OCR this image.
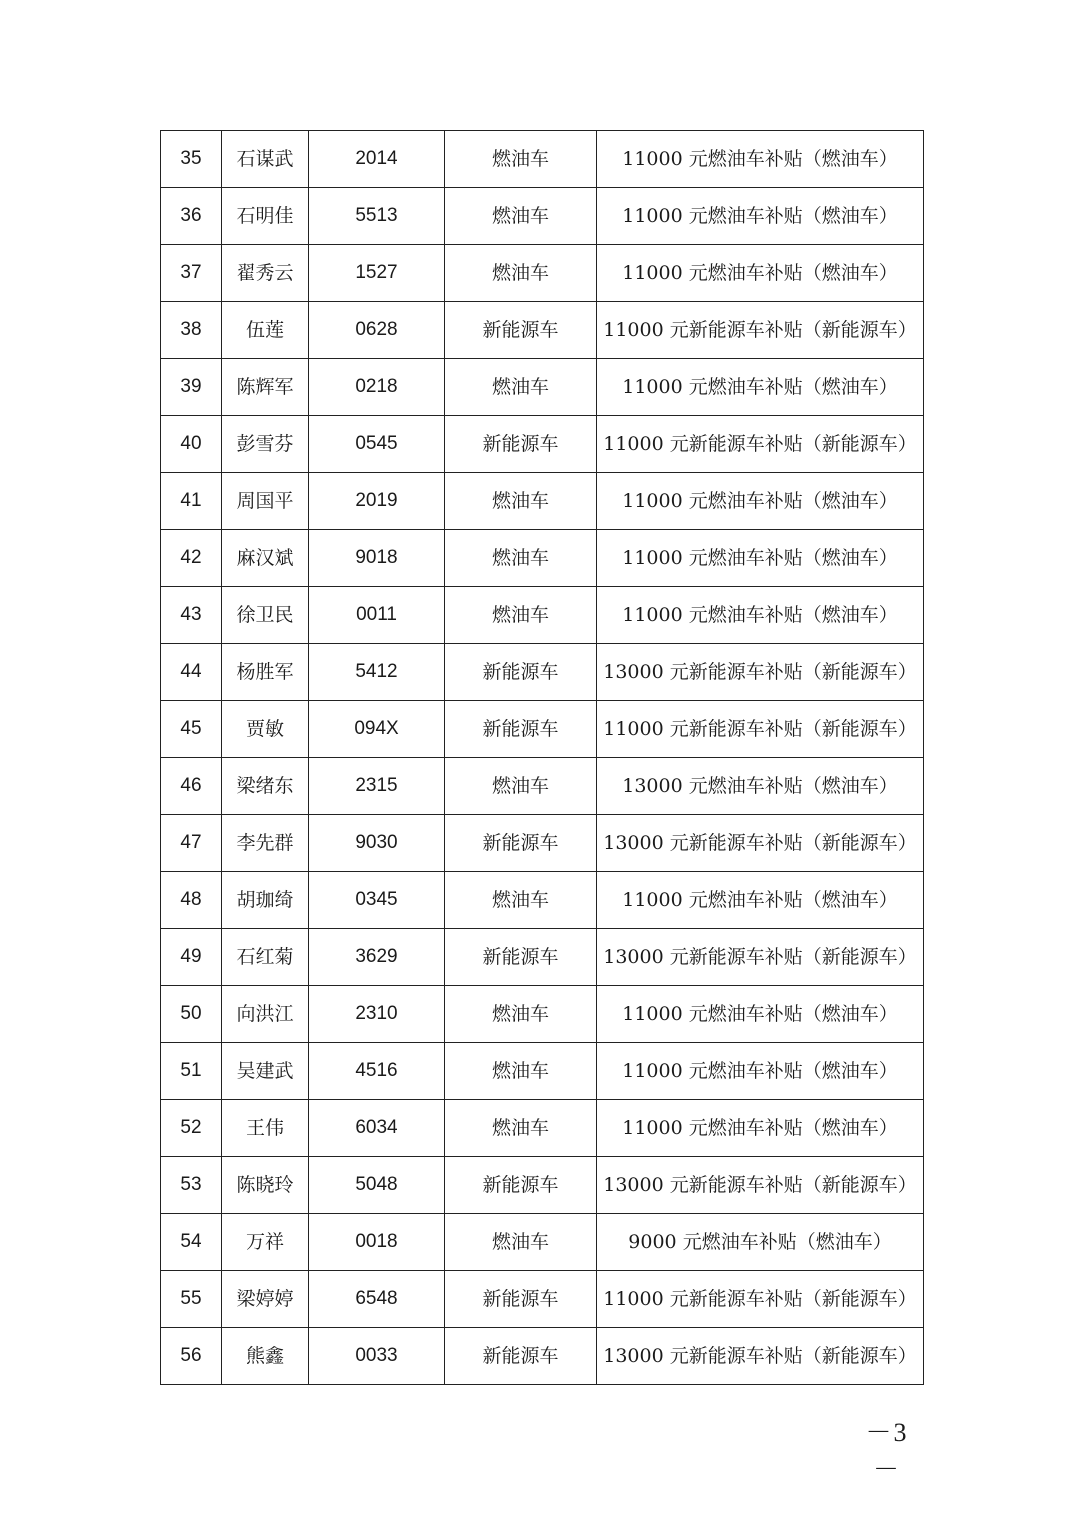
35	石谋武	2014	燃油车	11000 元燃油车补贴（燃油车）
36	石明佳	5513	燃油车	11000 元燃油车补贴（燃油车）
37	翟秀云	1527	燃油车	11000 元燃油车补贴（燃油车）
38	伍莲	0628	新能源车	11000 元新能源车补贴（新能源车）
39	陈辉军	0218	燃油车	11000 元燃油车补贴（燃油车）
40	彭雪芬	0545	新能源车	11000 元新能源车补贴（新能源车）
41	周国平	2019	燃油车	11000 元燃油车补贴（燃油车）
42	麻汉斌	9018	燃油车	11000 元燃油车补贴（燃油车）
43	徐卫民	0011	燃油车	11000 元燃油车补贴（燃油车）
44	杨胜军	5412	新能源车	13000 元新能源车补贴（新能源车）
45	贾敏	094X	新能源车	11000 元新能源车补贴（新能源车）
46	梁绪东	2315	燃油车	13000 元燃油车补贴（燃油车）
47	李先群	9030	新能源车	13000 元新能源车补贴（新能源车）
48	胡珈绮	0345	燃油车	11000 元燃油车补贴（燃油车）
49	石红菊	3629	新能源车	13000 元新能源车补贴（新能源车）
50	向洪江	2310	燃油车	11000 元燃油车补贴（燃油车）
51	吴建武	4516	燃油车	11000 元燃油车补贴（燃油车）
52	王伟	6034	燃油车	11000 元燃油车补贴（燃油车）
53	陈晓玲	5048	新能源车	13000 元新能源车补贴（新能源车）
54	万祥	0018	燃油车	9000 元燃油车补贴（燃油车）
55	梁婷婷	6548	新能源车	11000 元新能源车补贴（新能源车）
56	熊鑫	0033	新能源车	13000 元新能源车补贴（新能源车）
－3－
